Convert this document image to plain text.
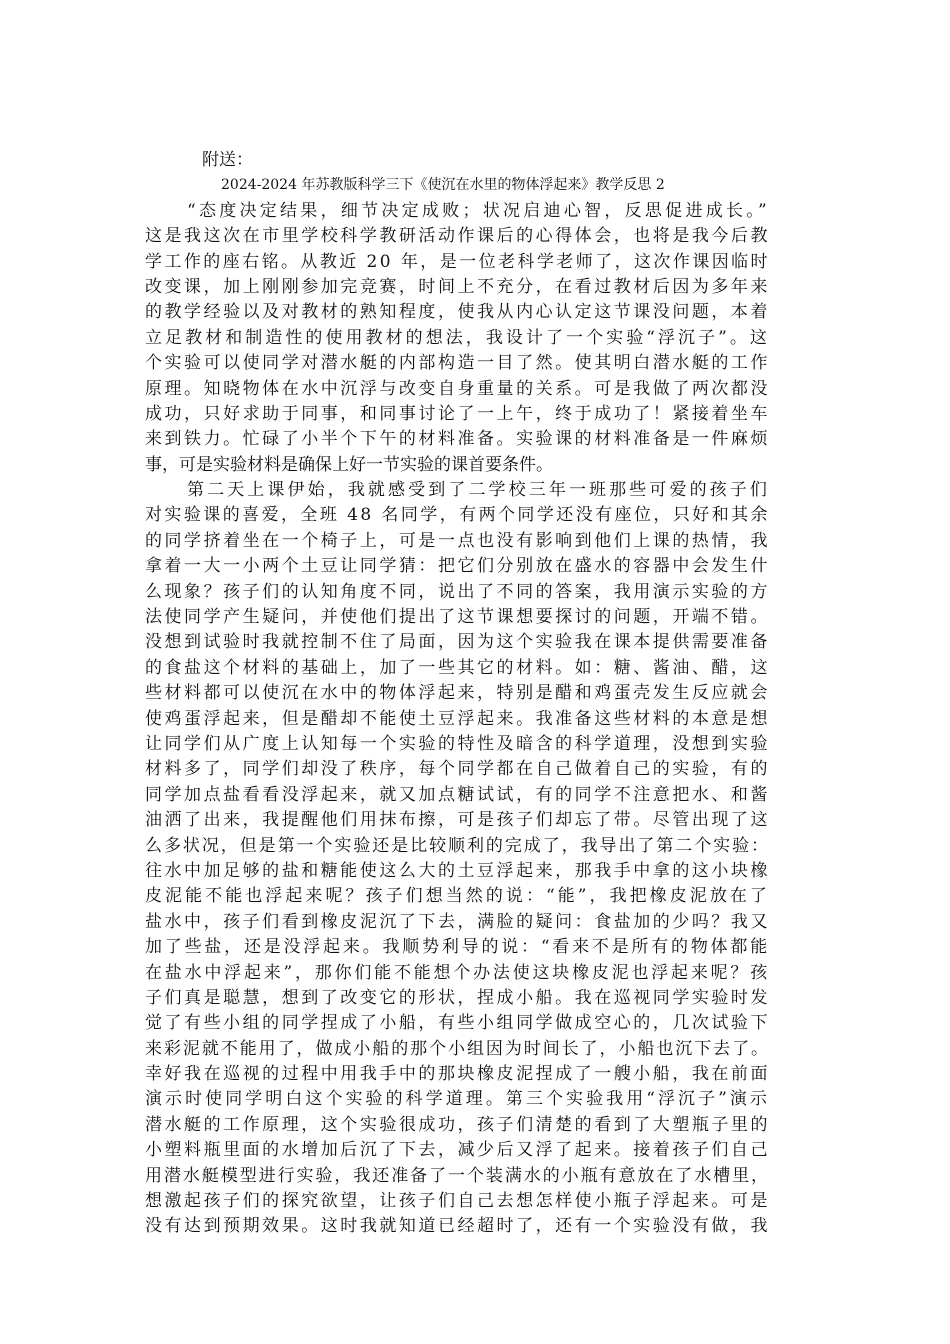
附送：
2024-2024 年苏教版科学三下《使沉在水里的物体浮起来》教学反思 2
“态度决定结果，细节决定成败；状况启迪心智，反思促进成长。”
这是我这次在市里学校科学教研活动作课后的心得体会，也将是我今后教
学工作的座右铭。从教近 20 年，是一位老科学老师了，这次作课因临时
改变课，加上刚刚参加完竞赛，时间上不充分，在看过教材后因为多年来
的教学经验以及对教材的熟知程度，使我从内心认定这节课没问题，本着
立足教材和制造性的使用教材的想法，我设计了一个实验“浮沉子”。这
个实验可以使同学对潜水艇的内部构造一目了然。使其明白潜水艇的工作
原理。知晓物体在水中沉浮与改变自身重量的关系。可是我做了两次都没
成功，只好求助于同事，和同事讨论了一上午，终于成功了！紧接着坐车
来到铁力。忙碌了小半个下午的材料准备。实验课的材料准备是一件麻烦
事，可是实验材料是确保上好一节实验的课首要条件。
第二天上课伊始，我就感受到了二学校三年一班那些可爱的孩子们
对实验课的喜爱，全班 48 名同学，有两个同学还没有座位，只好和其余
的同学挤着坐在一个椅子上，可是一点也没有影响到他们上课的热情，我
拿着一大一小两个土豆让同学猜：把它们分别放在盛水的容器中会发生什
么现象？孩子们的认知角度不同，说出了不同的答案，我用演示实验的方
法使同学产生疑问，并使他们提出了这节课想要探讨的问题，开端不错。
没想到试验时我就控制不住了局面，因为这个实验我在课本提供需要准备
的食盐这个材料的基础上，加了一些其它的材料。如：糖、酱油、醋，这
些材料都可以使沉在水中的物体浮起来，特别是醋和鸡蛋壳发生反应就会
使鸡蛋浮起来，但是醋却不能使土豆浮起来。我准备这些材料的本意是想
让同学们从广度上认知每一个实验的特性及暗含的科学道理，没想到实验
材料多了，同学们却没了秩序，每个同学都在自己做着自己的实验，有的
同学加点盐看看没浮起来，就又加点糖试试，有的同学不注意把水、和酱
油洒了出来，我提醒他们用抹布擦，可是孩子们却忘了带。尽管出现了这
么多状况，但是第一个实验还是比较顺利的完成了，我导出了第二个实验：
往水中加足够的盐和糖能使这么大的土豆浮起来，那我手中拿的这小块橡
皮泥能不能也浮起来呢？孩子们想当然的说：“能”，我把橡皮泥放在了
盐水中，孩子们看到橡皮泥沉了下去，满脸的疑问：食盐加的少吗？我又
加了些盐，还是没浮起来。我顺势利导的说：“看来不是所有的物体都能
在盐水中浮起来”，那你们能不能想个办法使这块橡皮泥也浮起来呢？孩
子们真是聪慧，想到了改变它的形状，捏成小船。我在巡视同学实验时发
觉了有些小组的同学捏成了小船，有些小组同学做成空心的，几次试验下
来彩泥就不能用了，做成小船的那个小组因为时间长了，小船也沉下去了。
幸好我在巡视的过程中用我手中的那块橡皮泥捏成了一艘小船，我在前面
演示时使同学明白这个实验的科学道理。第三个实验我用“浮沉子”演示
潜水艇的工作原理，这个实验很成功，孩子们清楚的看到了大塑瓶子里的
小塑料瓶里面的水增加后沉了下去，减少后又浮了起来。接着孩子们自己
用潜水艇模型进行实验，我还准备了一个装满水的小瓶有意放在了水槽里，
想激起孩子们的探究欲望，让孩子们自己去想怎样使小瓶子浮起来。可是
没有达到预期效果。这时我就知道已经超时了，还有一个实验没有做，我
